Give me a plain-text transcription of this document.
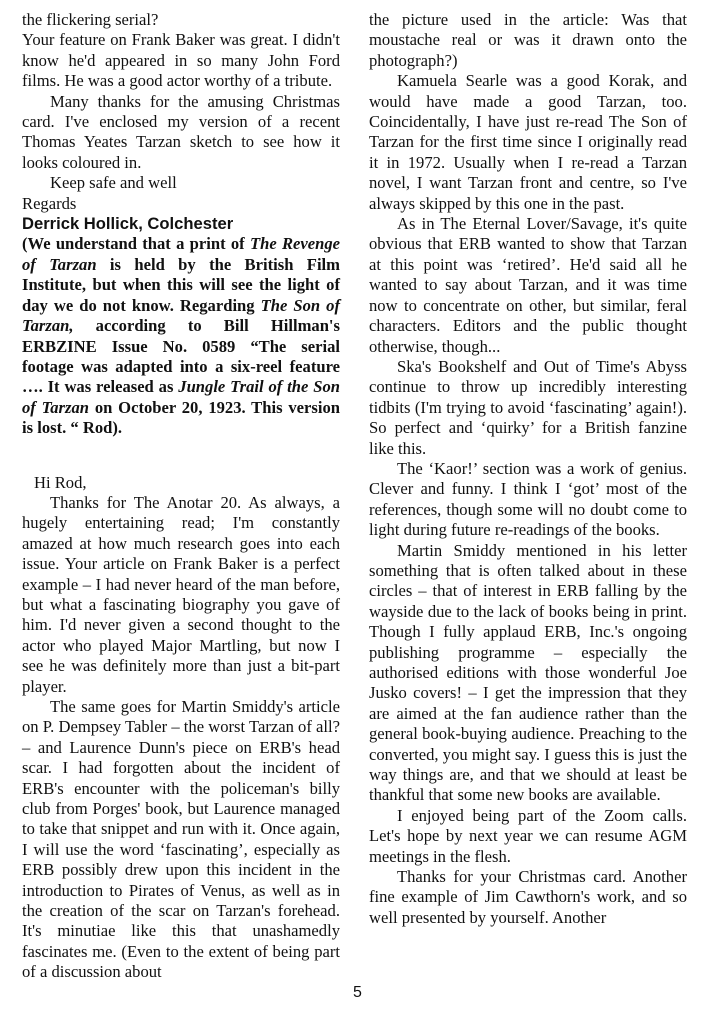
the flickering serial?

Your feature on Frank Baker was great. I didn't know he'd appeared in so many John Ford films. He was a good actor worthy of a tribute.

Many thanks for the amusing Christmas card. I've enclosed my version of a recent Thomas Yeates Tarzan sketch to see how it looks coloured in.

Keep safe and well

Regards

Derrick Hollick, Colchester

(We understand that a print of The Revenge of Tarzan is held by the British Film Institute, but when this will see the light of day we do not know. Regarding The Son of Tarzan, according to Bill Hillman's ERBZINE Issue No. 0589 “The serial footage was adapted into a six-reel feature …. It was released as Jungle Trail of the Son of Tarzan on October 20, 1923. This version is lost. “ Rod).

Hi Rod,

Thanks for The Anotar 20. As always, a hugely entertaining read; I'm constantly amazed at how much research goes into each issue. Your article on Frank Baker is a perfect example – I had never heard of the man before, but what a fascinating biography you gave of him. I'd never given a second thought to the actor who played Major Martling, but now I see he was definitely more than just a bit-part player.

The same goes for Martin Smiddy's article on P. Dempsey Tabler – the worst Tarzan of all? – and Laurence Dunn's piece on ERB's head scar. I had forgotten about the incident of ERB's encounter with the policeman's billy club from Porges' book, but Laurence managed to take that snippet and run with it. Once again, I will use the word ‘fascinating’, especially as ERB possibly drew upon this incident in the introduction to Pirates of Venus, as well as in the creation of the scar on Tarzan's forehead. It's minutiae like this that unashamedly fascinates me. (Even to the extent of being part of a discussion about

the picture used in the article: Was that moustache real or was it drawn onto the photograph?)

Kamuela Searle was a good Korak, and would have made a good Tarzan, too. Coincidentally, I have just re-read The Son of Tarzan for the first time since I originally read it in 1972. Usually when I re-read a Tarzan novel, I want Tarzan front and centre, so I've always skipped by this one in the past.

As in The Eternal Lover/Savage, it's quite obvious that ERB wanted to show that Tarzan at this point was ‘retired’. He'd said all he wanted to say about Tarzan, and it was time now to concentrate on other, but similar, feral characters. Editors and the public thought otherwise, though...

Ska's Bookshelf and Out of Time's Abyss continue to throw up incredibly interesting tidbits (I'm trying to avoid ‘fascinating’ again!). So perfect and ‘quirky’ for a British fanzine like this.

The ‘Kaor!’ section was a work of genius. Clever and funny. I think I ‘got’ most of the references, though some will no doubt come to light during future re-readings of the books.

Martin Smiddy mentioned in his letter something that is often talked about in these circles – that of interest in ERB falling by the wayside due to the lack of books being in print. Though I fully applaud ERB, Inc.'s ongoing publishing programme – especially the authorised editions with those wonderful Joe Jusko covers! – I get the impression that they are aimed at the fan audience rather than the general book-buying audience. Preaching to the converted, you might say. I guess this is just the way things are, and that we should at least be thankful that some new books are available.

I enjoyed being part of the Zoom calls. Let's hope by next year we can resume AGM meetings in the flesh.

Thanks for your Christmas card. Another fine example of Jim Cawthorn's work, and so well presented by yourself. Another

5
